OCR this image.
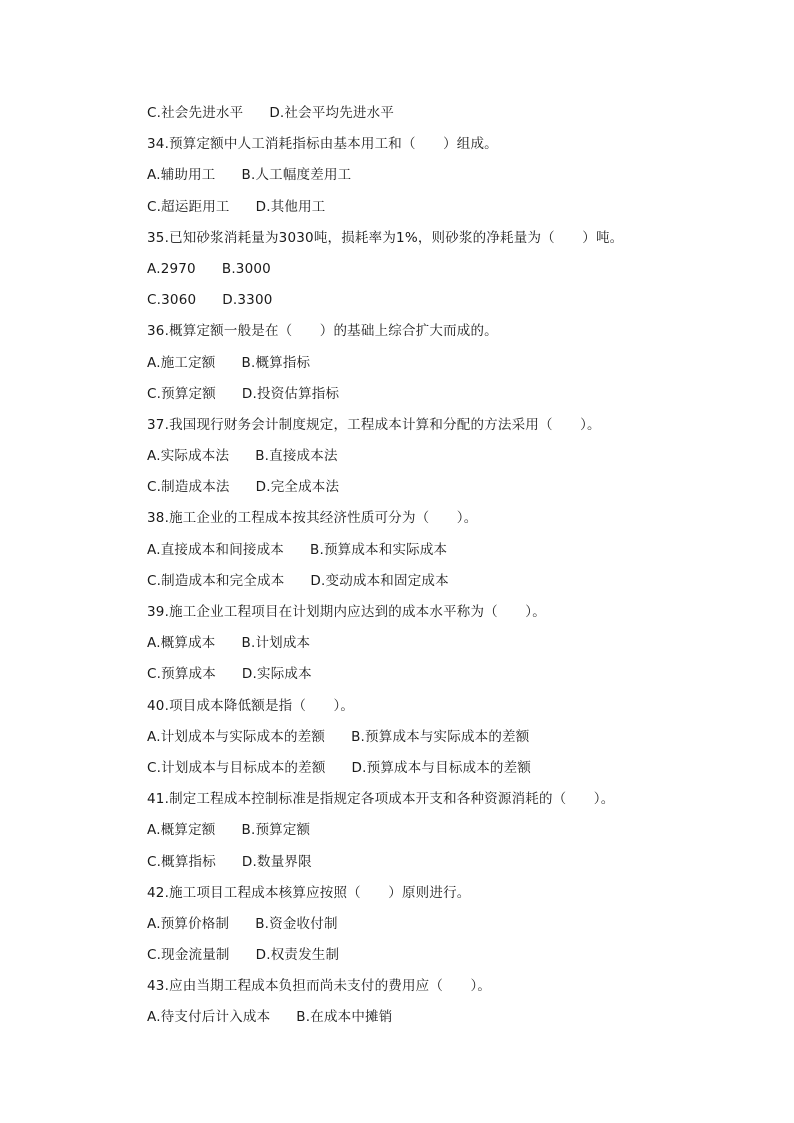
C.社会先进水平 D.社会平均先进水平
34.预算定额中人工消耗指标由基本用工和（　　）组成。
A.辅助用工 B.人工幅度差用工
C.超运距用工 D.其他用工
35.已知砂浆消耗量为3030吨，损耗率为1%，则砂浆的净耗量为（　　）吨。
A.2970 B.3000
C.3060 D.3300
36.概算定额一般是在（　　）的基础上综合扩大而成的。
A.施工定额 B.概算指标
C.预算定额 D.投资估算指标
37.我国现行财务会计制度规定，工程成本计算和分配的方法采用（　　）。
A.实际成本法 B.直接成本法
C.制造成本法 D.完全成本法
38.施工企业的工程成本按其经济性质可分为（　　）。
A.直接成本和间接成本 B.预算成本和实际成本
C.制造成本和完全成本 D.变动成本和固定成本
39.施工企业工程项目在计划期内应达到的成本水平称为（　　）。
A.概算成本 B.计划成本
C.预算成本 D.实际成本
40.项目成本降低额是指（　　）。
A.计划成本与实际成本的差额 B.预算成本与实际成本的差额
C.计划成本与目标成本的差额 D.预算成本与目标成本的差额
41.制定工程成本控制标准是指规定各项成本开支和各种资源消耗的（　　）。
A.概算定额 B.预算定额
C.概算指标 D.数量界限
42.施工项目工程成本核算应按照（　　）原则进行。
A.预算价格制 B.资金收付制
C.现金流量制 D.权责发生制
43.应由当期工程成本负担而尚未支付的费用应（　　）。
A.待支付后计入成本 B.在成本中摊销
